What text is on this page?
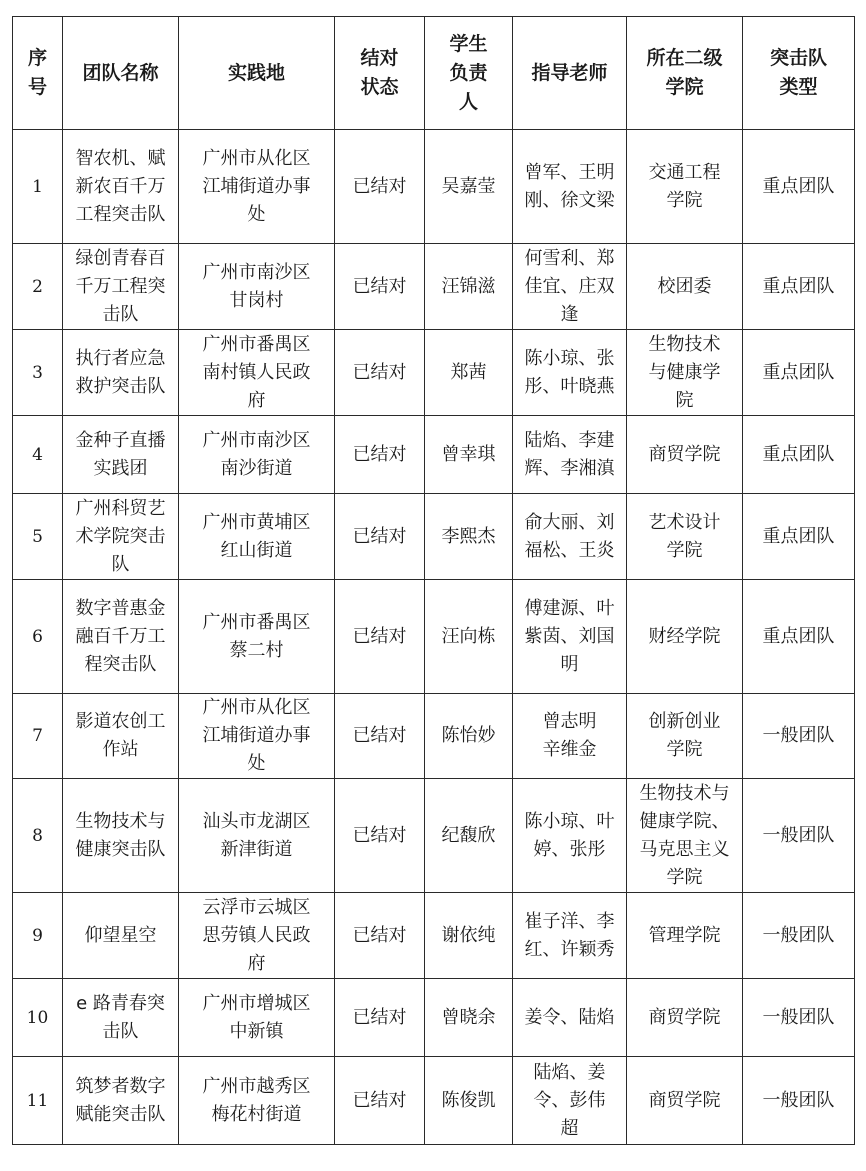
序号	团队名称	实践地	结对状态	学生负责人	指导老师	所在二级学院	突击队类型
1	智农机、赋新农百千万工程突击队	广州市从化区江埔街道办事处	已结对	吴嘉莹	曾军、王明刚、徐文梁	交通工程学院	重点团队
2	绿创青春百千万工程突击队	广州市南沙区甘岗村	已结对	汪锦滋	何雪利、郑佳宜、庄双逢	校团委	重点团队
3	执行者应急救护突击队	广州市番禺区南村镇人民政府	已结对	郑茜	陈小琼、张彤、叶晓燕	生物技术与健康学院	重点团队
4	金种子直播实践团	广州市南沙区南沙街道	已结对	曾幸琪	陆焰、李建辉、李湘滇	商贸学院	重点团队
5	广州科贸艺术学院突击队	广州市黄埔区红山街道	已结对	李熙杰	俞大丽、刘福松、王炎	艺术设计学院	重点团队
6	数字普惠金融百千万工程突击队	广州市番禺区蔡二村	已结对	汪向栋	傅建源、叶紫茵、刘国明	财经学院	重点团队
7	影道农创工作站	广州市从化区江埔街道办事处	已结对	陈怡妙	曾志明 辛维金	创新创业学院	一般团队
8	生物技术与健康突击队	汕头市龙湖区新津街道	已结对	纪馥欣	陈小琼、叶婷、张彤	生物技术与健康学院、马克思主义学院	一般团队
9	仰望星空	云浮市云城区思劳镇人民政府	已结对	谢依纯	崔子洋、李红、许颖秀	管理学院	一般团队
10	e 路青春突击队	广州市增城区中新镇	已结对	曾晓余	姜令、陆焰	商贸学院	一般团队
11	筑梦者数字赋能突击队	广州市越秀区梅花村街道	已结对	陈俊凯	陆焰、姜令、彭伟超	商贸学院	一般团队
